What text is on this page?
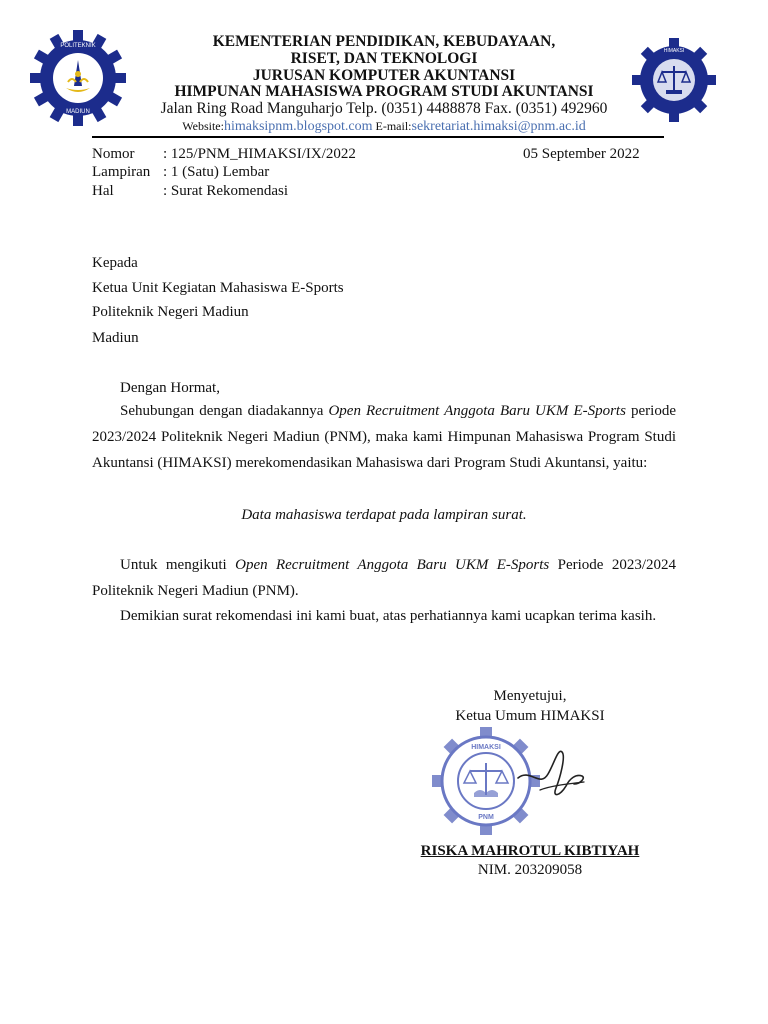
POLITEKNIK
MADIUN
HIMAKSI
KEMENTERIAN PENDIDIKAN, KEBUDAYAAN,
RISET, DAN TEKNOLOGI
JURUSAN KOMPUTER AKUNTANSI
HIMPUNAN MAHASISWA PROGRAM STUDI AKUNTANSI
Jalan Ring Road Manguharjo Telp. (0351) 4488878 Fax. (0351) 492960
Website:himaksipnm.blogspot.com E-mail:sekretariat.himaksi@pnm.ac.id
Nomor : 125/PNM_HIMAKSI/IX/2022	05 September 2022
Lampiran : 1 (Satu) Lembar
Hal	: Surat Rekomendasi
Kepada
Ketua Unit Kegiatan Mahasiswa E-Sports
Politeknik Negeri Madiun
Madiun
Dengan Hormat,
Sehubungan dengan diadakannya Open Recruitment Anggota Baru UKM E-Sports periode 2023/2024 Politeknik Negeri Madiun (PNM), maka kami Himpunan Mahasiswa Program Studi Akuntansi (HIMAKSI) merekomendasikan Mahasiswa dari Program Studi Akuntansi, yaitu:
Data mahasiswa terdapat pada lampiran surat.
Untuk mengikuti Open Recruitment Anggota Baru UKM E-Sports Periode 2023/2024 Politeknik Negeri Madiun (PNM).
Demikian surat rekomendasi ini kami buat, atas perhatiannya kami ucapkan terima kasih.
Menyetujui,
Ketua Umum HIMAKSI
HIMAKSI
PNM
RISKA MAHROTUL KIBTIYAH
NIM. 203209058
